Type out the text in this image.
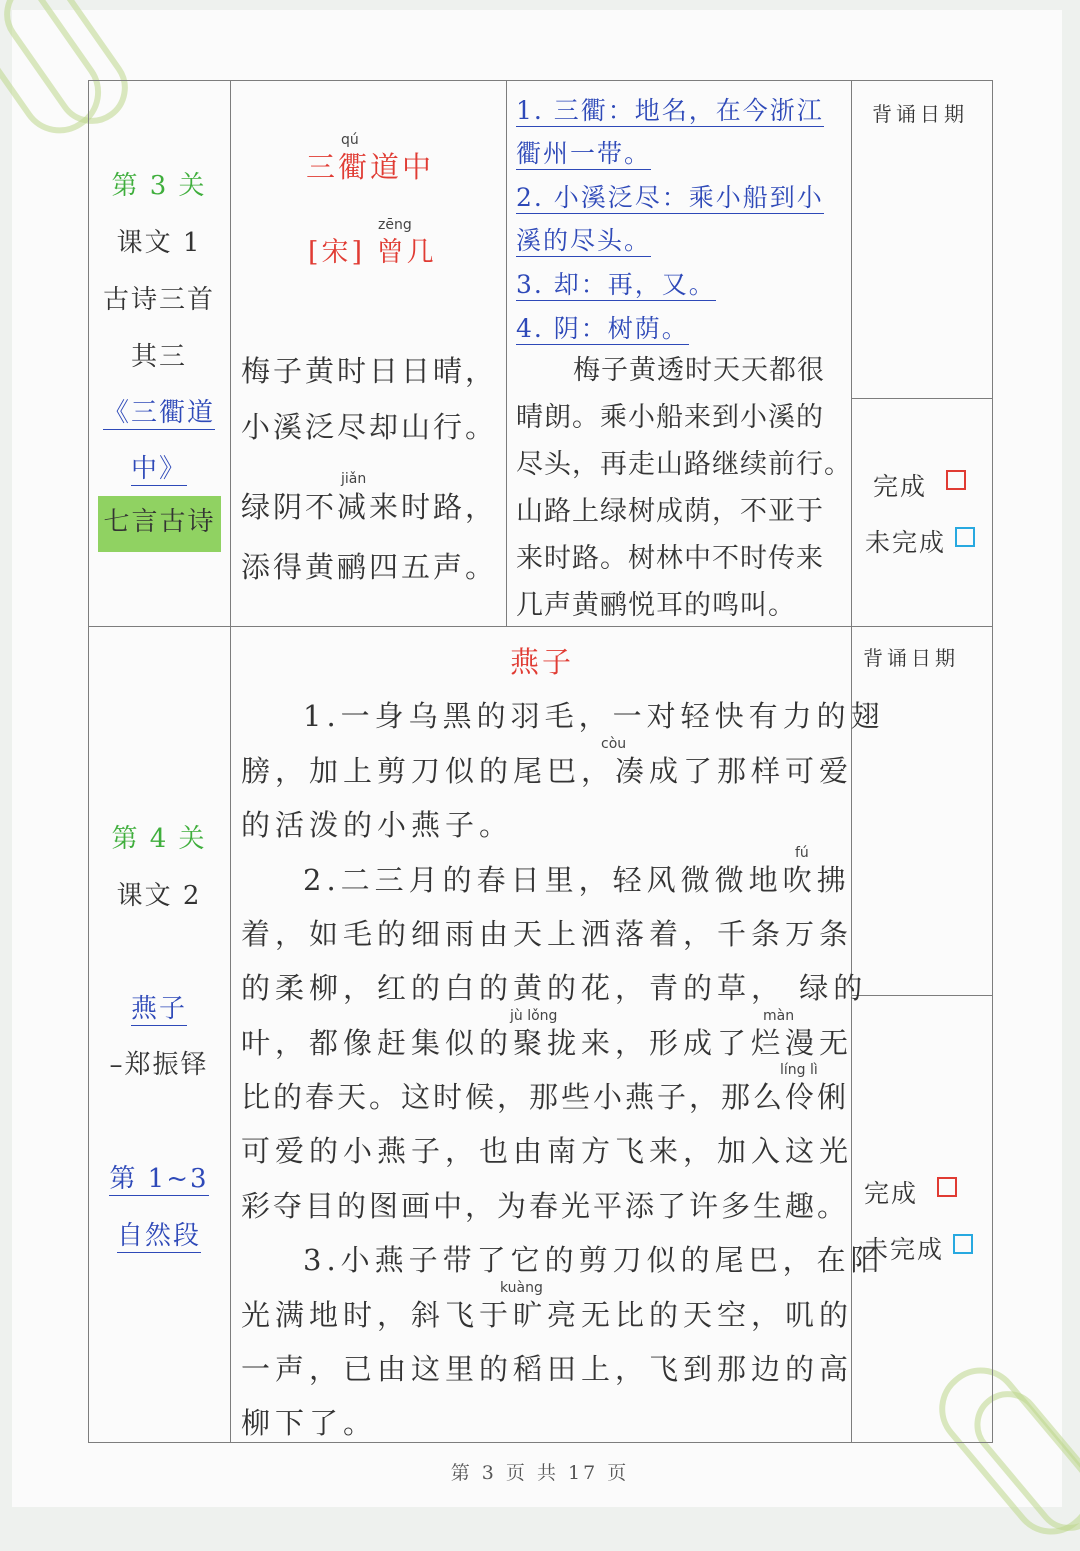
第 3 关
课文 1
古诗三首
其三
《三衢道
中》
七言古诗
qú
三衢道中
zēng
[宋] 曾几
梅子黄时日日晴，
小溪泛尽却山行。
jiǎn
绿阴不减来时路，
添得黄鹂四五声。
1. 三衢：地名，在今浙江
衢州一带。
2. 小溪泛尽：乘小船到小
溪的尽头。
3. 却：再，又。
4. 阴：树荫。
梅子黄透时天天都很
晴朗。乘小船来到小溪的
尽头，再走山路继续前行。
山路上绿树成荫，不亚于
来时路。树林中不时传来
几声黄鹂悦耳的鸣叫。
背诵日期
完成
未完成
第 4 关
课文 2
燕子
–郑振铎
第 1~3
自然段
燕子
1.一身乌黑的羽毛，一对轻快有力的翅
còu
膀，加上剪刀似的尾巴，凑成了那样可爱
的活泼的小燕子。
fú
2.二三月的春日里，轻风微微地吹拂
着，如毛的细雨由天上洒落着，千条万条
的柔柳，红的白的黄的花，青的草， 绿的
jù lǒng	màn
叶，都像赶集似的聚拢来，形成了烂漫无
líng lì
比的春天。这时候，那些小燕子，那么伶俐
可爱的小燕子，也由南方飞来，加入这光
彩夺目的图画中，为春光平添了许多生趣。
3.小燕子带了它的剪刀似的尾巴，在阳
kuàng
光满地时，斜飞于旷亮无比的天空，叽的
一声，已由这里的稻田上，飞到那边的高
柳下了。
背诵日期
完成
未完成
第 3 页 共 17 页
